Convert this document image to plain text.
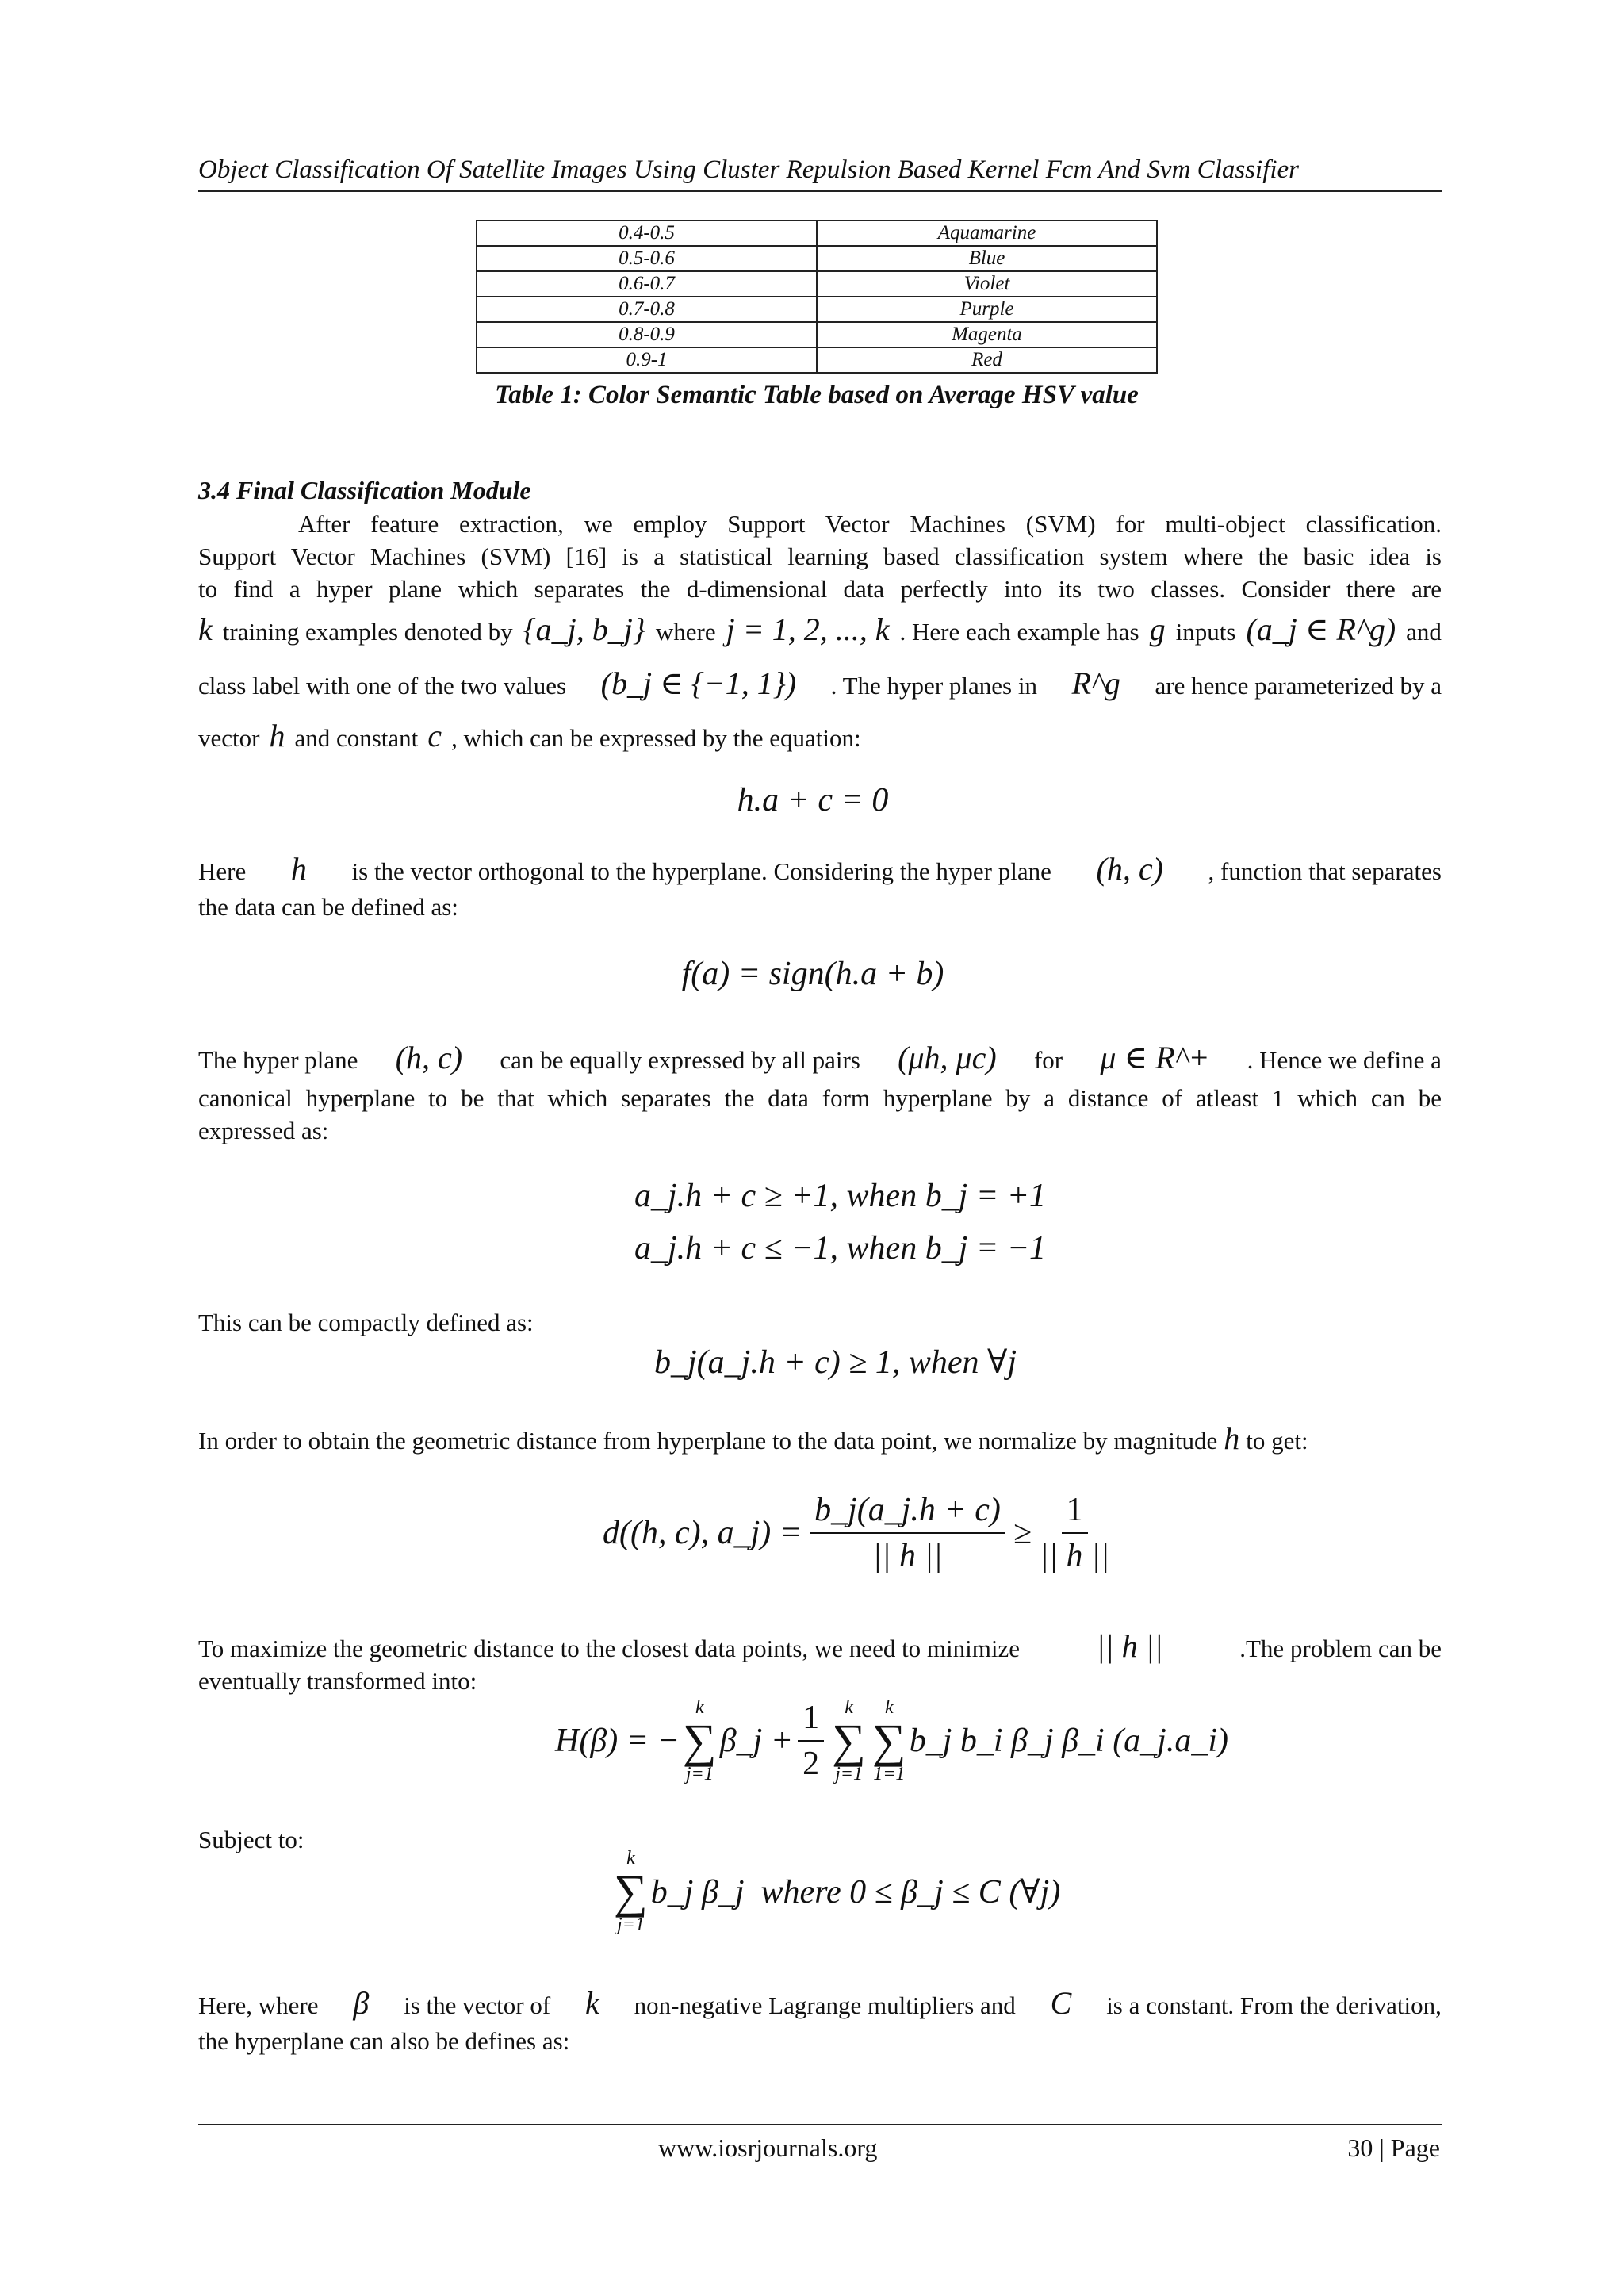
Object Classification Of Satellite Images Using Cluster Repulsion Based Kernel Fcm And Svm Classifier
0.4-0.5	Aquamarine
0.5-0.6	Blue
0.6-0.7	Violet
0.7-0.8	Purple
0.8-0.9	Magenta
0.9-1	Red
Table 1: Color Semantic Table based on Average HSV value
3.4 Final Classification Module
After feature extraction, we employ Support Vector Machines (SVM) for multi-object classification.
Support Vector Machines (SVM) [16] is a statistical learning based classification system where the basic idea is
to find a hyper plane which separates the d-dimensional data perfectly into its two classes. Consider there are
k training examples denoted by {a_j, b_j} where j = 1, 2, ..., k . Here each example has g inputs (a_j ∈ R^g) and
class label with one of the two values (b_j ∈ {−1, 1}) . The hyper planes in R^g are hence parameterized by a
vector h and constant c , which can be expressed by the equation:
h.a + c = 0
Here h is the vector orthogonal to the hyperplane. Considering the hyper plane (h, c) , function that separates
the data can be defined as:
f(a) = sign(h.a + b)
The hyper plane (h, c) can be equally expressed by all pairs (μh, μc) for μ ∈ R^+ . Hence we define a
canonical hyperplane to be that which separates the data form hyperplane by a distance of atleast 1 which can be
expressed as:
a_j.h + c ≥ +1, when b_j = +1
a_j.h + c ≤ −1, when b_j = −1
This can be compactly defined as:
b_j(a_j.h + c) ≥ 1, when ∀j
In order to obtain the geometric distance from hyperplane to the data point, we normalize by magnitude h to get:
d((h, c), a_j) = $\frac{b\_j(a\_j.h + c)}{|| h ||} \ge \frac{1}{|| h ||}$
To maximize the geometric distance to the closest data points, we need to minimize || h ||	.The problem can be
eventually transformed into:
H(β) = −
k
∑
j=1
β_j + $\frac{1}{2}$ k
∑
j=1
k
∑
1=1
b_j b_i β_j β_i (a_j.a_i)
Subject to:
k
∑
j=1
b_j β_j  where 0 ≤ β_j ≤ C (∀j)
Here, where β is the vector of k non-negative Lagrange multipliers and C is a constant. From the derivation,
the hyperplane can also be defines as:
www.iosrjournals.org	30 | Page
